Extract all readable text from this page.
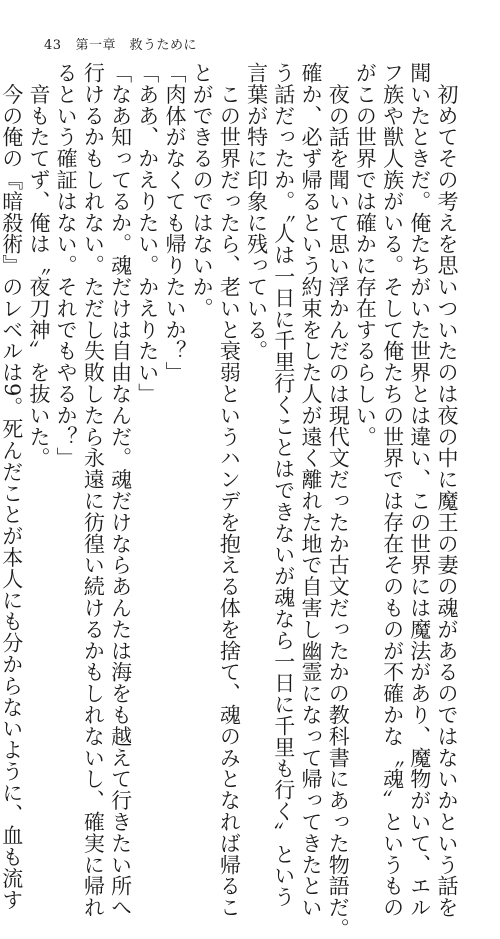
43 第一章　救うために

　初めてその考えを思いついたのは夜の中に魔王の妻の魂があるのではないかという話を

聞いたときだ。俺たちがいた世界とは違い、この世界には魔法があり、魔物がいて、エル

フ族や獣人族がいる。そして俺たちの世界では存在そのものが不確かな〝魂〟というもの

がこの世界では確かに存在するらしい。

　夜の話を聞いて思い浮かんだのは現代文だったか古文だったかの教科書にあった物語だ。

確か、必ず帰るという約束をした人が遠く離れた地で自害し幽霊になって帰ってきたとい

う話だったか。〝人は一日に千里行くことはできないが魂なら一日に千里も行く〟という

言葉が特に印象に残っている。

　この世界だったら、老いと衰弱というハンデを抱える体を捨て、魂のみとなれば帰るこ

とができるのではないか。

「肉体がなくても帰りたいか？」

「ああ、かえりたい。かえりたい」

「なあ知ってるか。魂だけは自由なんだ。魂だけならあんたは海をも越えて行きたい所へ

行けるかもしれない。ただし失敗したら永遠に彷徨い続けるかもしれないし、確実に帰れ

るという確証はない。それでもやるか？」

　音もたてず、俺は〝夜刀神〟を抜いた。

　今の俺の『暗殺術』のレベルは9。死んだことが本人にも分からないように、血も流す
